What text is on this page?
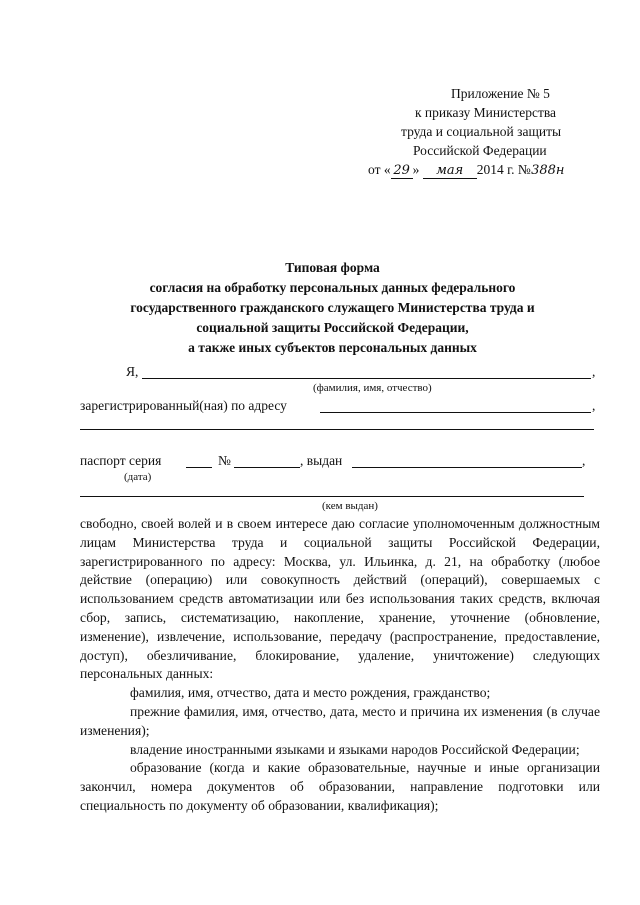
Приложение № 5
к приказу Министерства
труда и социальной защиты
Российской Федерации
от « 29 » мая 2014 г. №388н
Типовая форма
согласия на обработку персональных данных федерального
государственного гражданского служащего Министерства труда и
социальной защиты Российской Федерации,
а также иных субъектов персональных данных
Я,	,
(фамилия, имя, отчество)
зарегистрированный(ная) по адресу	,
паспорт серия	№	, выдан	,
(дата)
(кем выдан)

свободно, своей волей и в своем интересе даю согласие уполномоченным должностным лицам Министерства труда и социальной защиты Российской Федерации, зарегистрированного по адресу: Москва, ул. Ильинка, д. 21, на обработку (любое действие (операцию) или совокупность действий (операций), совершаемых с использованием средств автоматизации или без использования таких средств, включая сбор, запись, систематизацию, накопление, хранение, уточнение (обновление, изменение), извлечение, использование, передачу (распространение, предоставление, доступ), обезличивание, блокирование, удаление, уничтожение) следующих персональных данных:

фамилия, имя, отчество, дата и место рождения, гражданство;

прежние фамилия, имя, отчество, дата, место и причина их изменения (в случае изменения);

владение иностранными языками и языками народов Российской Федерации;

образование (когда и какие образовательные, научные и иные организации закончил, номера документов об образовании, направление подготовки или специальность по документу об образовании, квалификация);
